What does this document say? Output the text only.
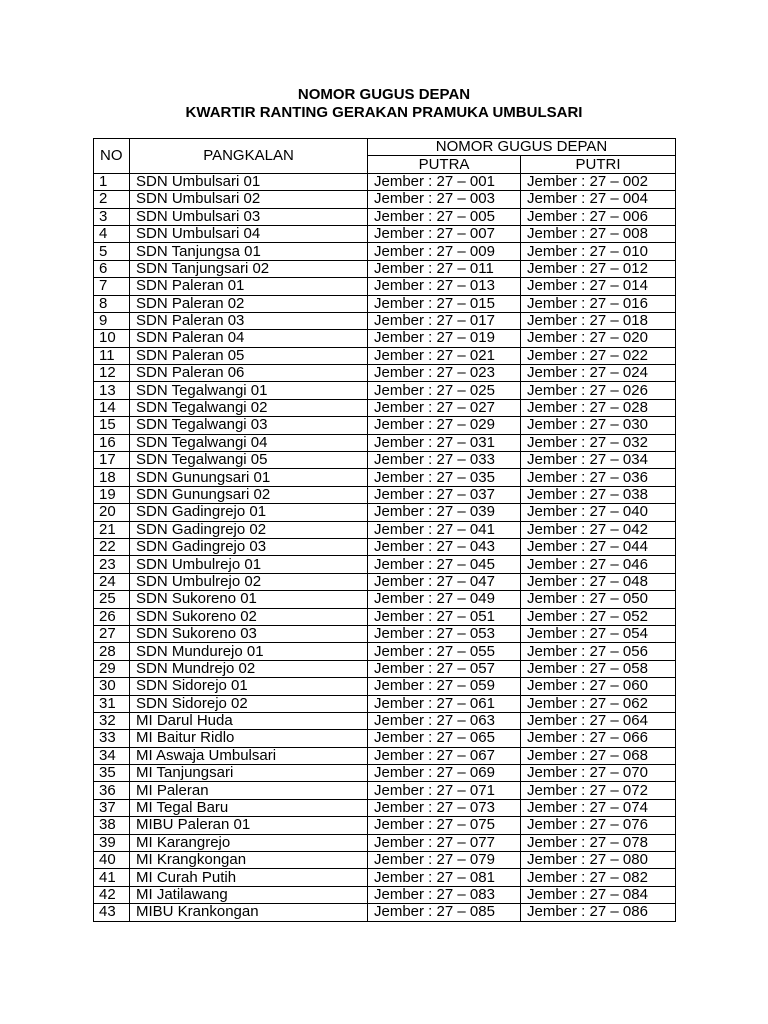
NOMOR GUGUS DEPAN
KWARTIR RANTING GERAKAN PRAMUKA UMBULSARI
NO	PANGKALAN	NOMOR GUGUS DEPAN	
		PUTRA	PUTRI
1	SDN Umbulsari 01	Jember : 27 – 001	Jember : 27 – 002
2	SDN Umbulsari 02	Jember : 27 – 003	Jember : 27 – 004
3	SDN Umbulsari 03	Jember : 27 – 005	Jember : 27 – 006
4	SDN Umbulsari 04	Jember : 27 – 007	Jember : 27 – 008
5	SDN Tanjungsa 01	Jember : 27 – 009	Jember : 27 – 010
6	SDN Tanjungsari 02	Jember : 27 – 011	Jember : 27 – 012
7	SDN Paleran 01	Jember : 27 – 013	Jember : 27 – 014
8	SDN Paleran 02	Jember : 27 – 015	Jember : 27 – 016
9	SDN Paleran 03	Jember : 27 – 017	Jember : 27 – 018
10	SDN Paleran 04	Jember : 27 – 019	Jember : 27 – 020
11	SDN Paleran 05	Jember : 27 – 021	Jember : 27 – 022
12	SDN Paleran 06	Jember : 27 – 023	Jember : 27 – 024
13	SDN Tegalwangi 01	Jember : 27 – 025	Jember : 27 – 026
14	SDN Tegalwangi 02	Jember : 27 – 027	Jember : 27 – 028
15	SDN Tegalwangi 03	Jember : 27 – 029	Jember : 27 – 030
16	SDN Tegalwangi 04	Jember : 27 – 031	Jember : 27 – 032
17	SDN Tegalwangi 05	Jember : 27 – 033	Jember : 27 – 034
18	SDN Gunungsari 01	Jember : 27 – 035	Jember : 27 – 036
19	SDN Gunungsari 02	Jember : 27 – 037	Jember : 27 – 038
20	SDN Gadingrejo 01	Jember : 27 – 039	Jember : 27 – 040
21	SDN Gadingrejo 02	Jember : 27 – 041	Jember : 27 – 042
22	SDN Gadingrejo 03	Jember : 27 – 043	Jember : 27 – 044
23	SDN Umbulrejo 01	Jember : 27 – 045	Jember : 27 – 046
24	SDN Umbulrejo 02	Jember : 27 – 047	Jember : 27 – 048
25	SDN Sukoreno 01	Jember : 27 – 049	Jember : 27 – 050
26	SDN Sukoreno 02	Jember : 27 – 051	Jember : 27 – 052
27	SDN Sukoreno 03	Jember : 27 – 053	Jember : 27 – 054
28	SDN Mundurejo 01	Jember : 27 – 055	Jember : 27 – 056
29	SDN Mundrejo 02	Jember : 27 – 057	Jember : 27 – 058
30	SDN Sidorejo 01	Jember : 27 – 059	Jember : 27 – 060
31	SDN Sidorejo 02	Jember : 27 – 061	Jember : 27 – 062
32	MI Darul Huda	Jember : 27 – 063	Jember : 27 – 064
33	MI Baitur Ridlo	Jember : 27 – 065	Jember : 27 – 066
34	MI Aswaja Umbulsari	Jember : 27 – 067	Jember : 27 – 068
35	MI Tanjungsari	Jember : 27 – 069	Jember : 27 – 070
36	MI Paleran	Jember : 27 – 071	Jember : 27 – 072
37	MI Tegal Baru	Jember : 27 – 073	Jember : 27 – 074
38	MIBU Paleran 01	Jember : 27 – 075	Jember : 27 – 076
39	MI Karangrejo	Jember : 27 – 077	Jember : 27 – 078
40	MI Krangkongan	Jember : 27 – 079	Jember : 27 – 080
41	MI Curah Putih	Jember : 27 – 081	Jember : 27 – 082
42	MI Jatilawang	Jember : 27 – 083	Jember : 27 – 084
43	MIBU Krankongan	Jember : 27 – 085	Jember : 27 – 086
